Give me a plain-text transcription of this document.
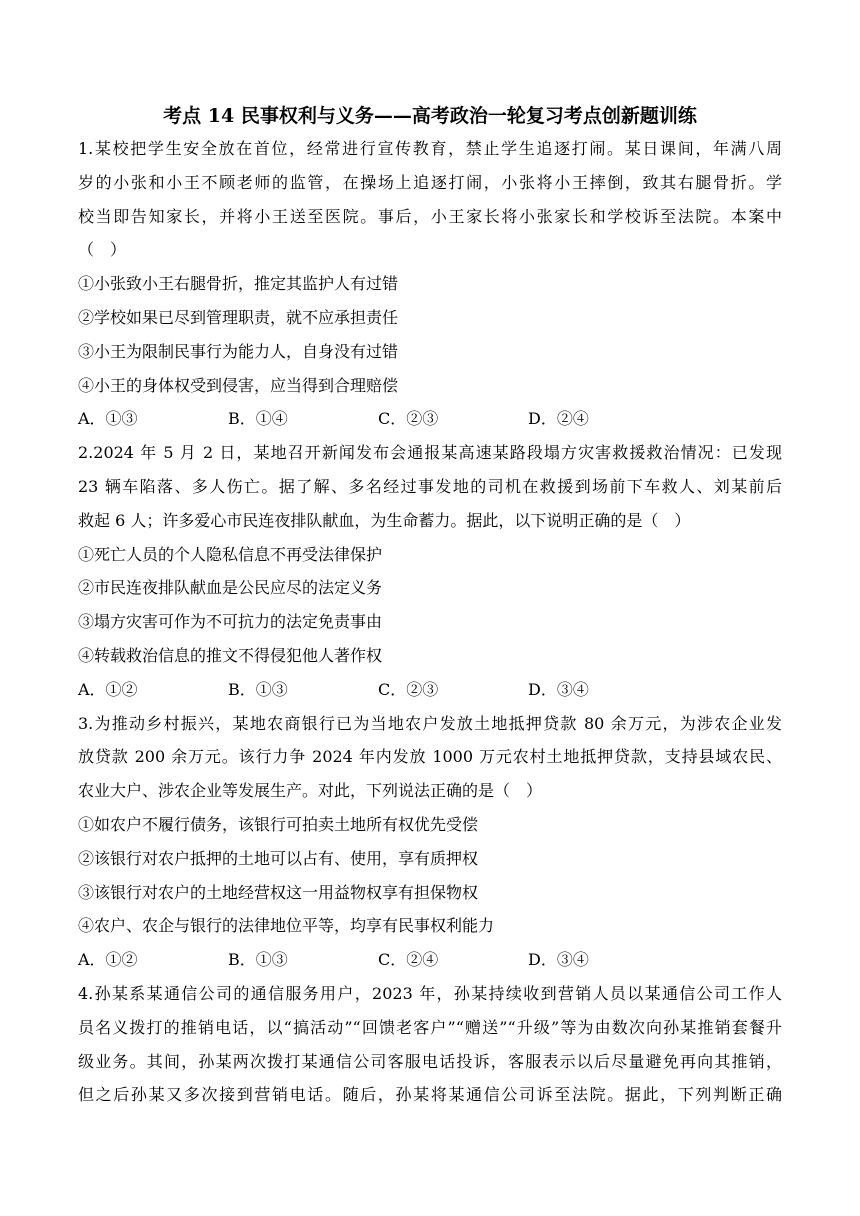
考点 14 民事权利与义务——高考政治一轮复习考点创新题训练
1.某校把学生安全放在首位，经常进行宣传教育，禁止学生追逐打闹。某日课间，年满八周
岁的小张和小王不顾老师的监管，在操场上追逐打闹，小张将小王摔倒，致其右腿骨折。学
校当即告知家长，并将小王送至医院。事后，小王家长将小张家长和学校诉至法院。本案中
（　）
①小张致小王右腿骨折，推定其监护人有过错
②学校如果已尽到管理职责，就不应承担责任
③小王为限制民事行为能力人，自身没有过错
④小王的身体权受到侵害，应当得到合理赔偿
A．①③	B．①④	C．②③	D．②④
2.2024 年 5 月 2 日，某地召开新闻发布会通报某高速某路段塌方灾害救援救治情况：已发现
23 辆车陷落、多人伤亡。据了解、多名经过事发地的司机在救援到场前下车救人、刘某前后
救起 6 人；许多爱心市民连夜排队献血，为生命蓄力。据此，以下说明正确的是（　）
①死亡人员的个人隐私信息不再受法律保护
②市民连夜排队献血是公民应尽的法定义务
③塌方灾害可作为不可抗力的法定免责事由
④转载救治信息的推文不得侵犯他人著作权
A．①②	B．①③	C．②③	D．③④
3.为推动乡村振兴，某地农商银行已为当地农户发放土地抵押贷款 80 余万元，为涉农企业发
放贷款 200 余万元。该行力争 2024 年内发放 1000 万元农村土地抵押贷款，支持县域农民、
农业大户、涉农企业等发展生产。对此，下列说法正确的是（　）
①如农户不履行债务，该银行可拍卖土地所有权优先受偿
②该银行对农户抵押的土地可以占有、使用，享有质押权
③该银行对农户的土地经营权这一用益物权享有担保物权
④农户、农企与银行的法律地位平等，均享有民事权利能力
A．①②	B．①③	C．②④	D．③④
4.孙某系某通信公司的通信服务用户，2023 年，孙某持续收到营销人员以某通信公司工作人
员名义拨打的推销电话，以“搞活动”“回馈老客户”“赠送”“升级”等为由数次向孙某推销套餐升
级业务。其间，孙某两次拨打某通信公司客服电话投诉，客服表示以后尽量避免再向其推销，
但之后孙某又多次接到营销电话。随后，孙某将某通信公司诉至法院。据此，下列判断正确
